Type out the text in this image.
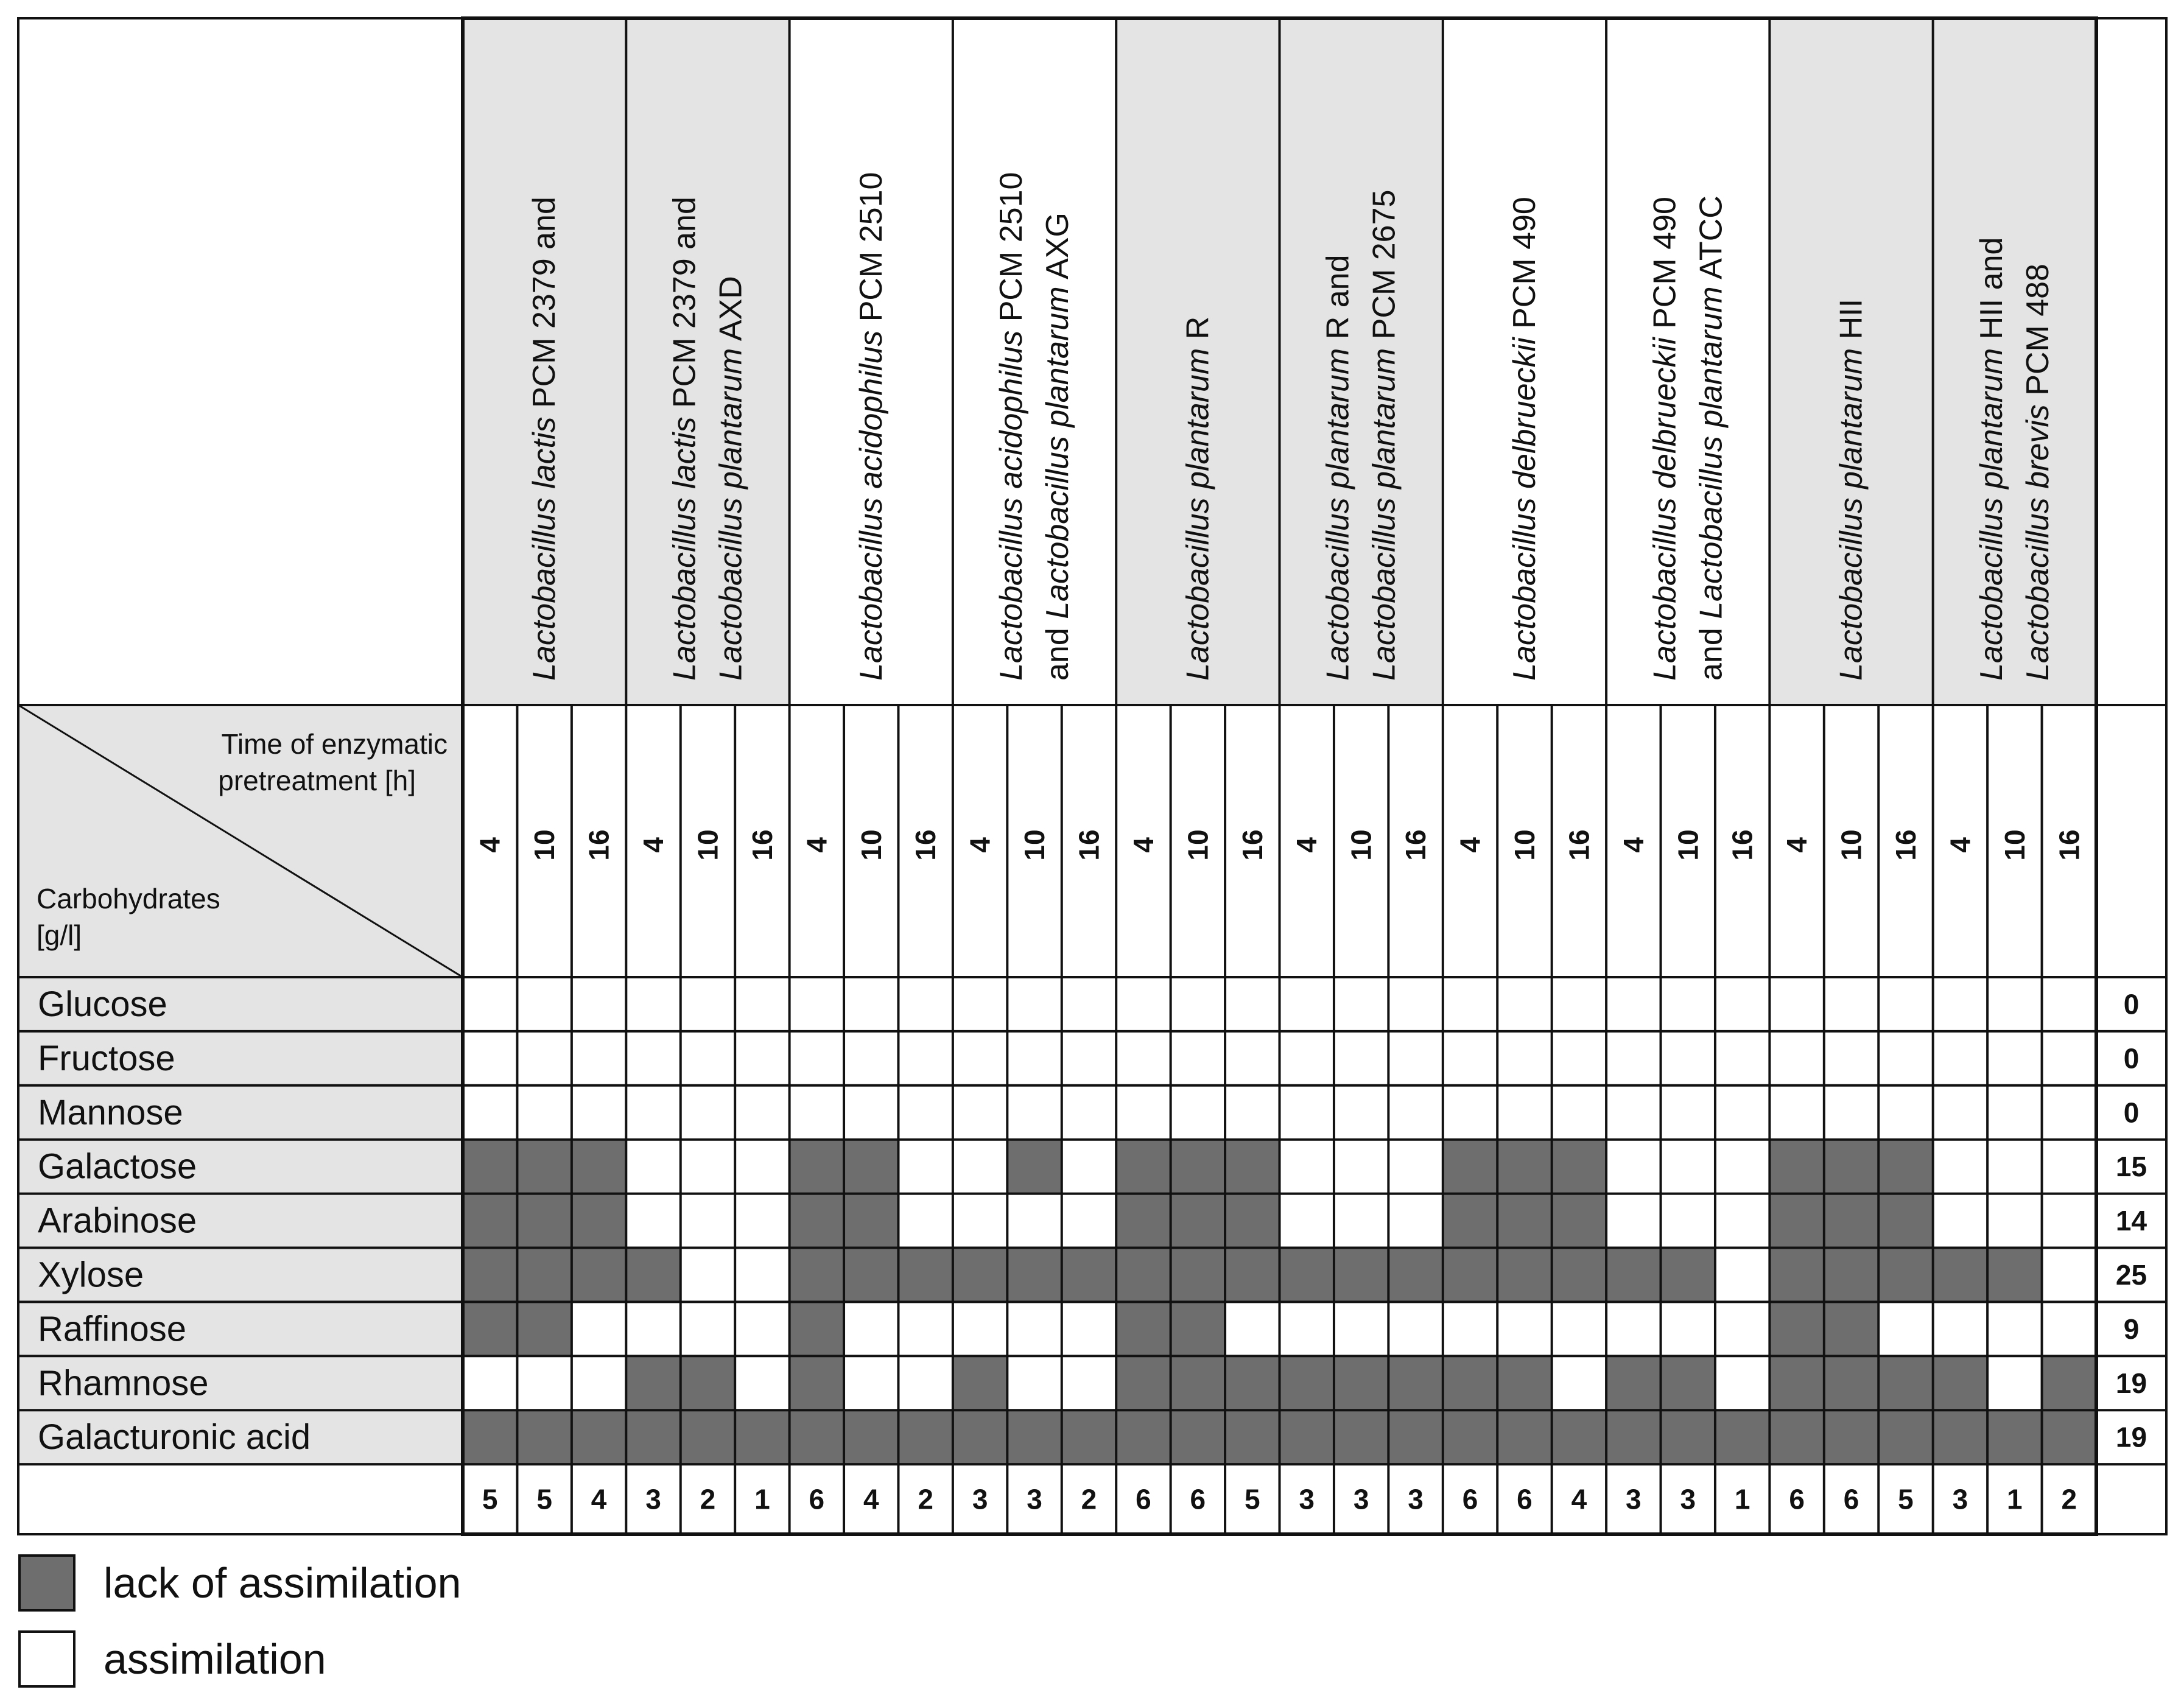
Lactobacillus lactis PCM 2379 and
Lactobacillus lactis PCM 2379 and
Lactobacillus plantarum AXD
Lactobacillus acidophilus PCM 2510
Lactobacillus acidophilus PCM 2510
and Lactobacillus plantarum AXG
Lactobacillus plantarum R
Lactobacillus plantarum R and
Lactobacillus plantarum PCM 2675
Lactobacillus delbrueckii PCM 490
Lactobacillus delbrueckii PCM 490
and Lactobacillus plantarum ATCC
Lactobacillus plantarum HII
Lactobacillus plantarum HII and
Lactobacillus brevis PCM 488
4 10 16 4 10 16 4 10 16 4 10 16 4 10 16 4 10 16 4 10 16 4 10 16 4 10 16 4 10 16
Time of enzymatic
pretreatment [h]
Carbohydrates
[g/l]
Glucose	0
Fructose	0
Mannose	0
Galactose	15
Arabinose	14
Xylose	25
Raffinose	9
Rhamnose	19
Galacturonic acid	19
5 5 4 3 2 1 6 4 2 3 3 2 6 6 5 3 3 3 6 6 4 3 3 1 6 6 5 3 1 2
lack of assimilation
assimilation
